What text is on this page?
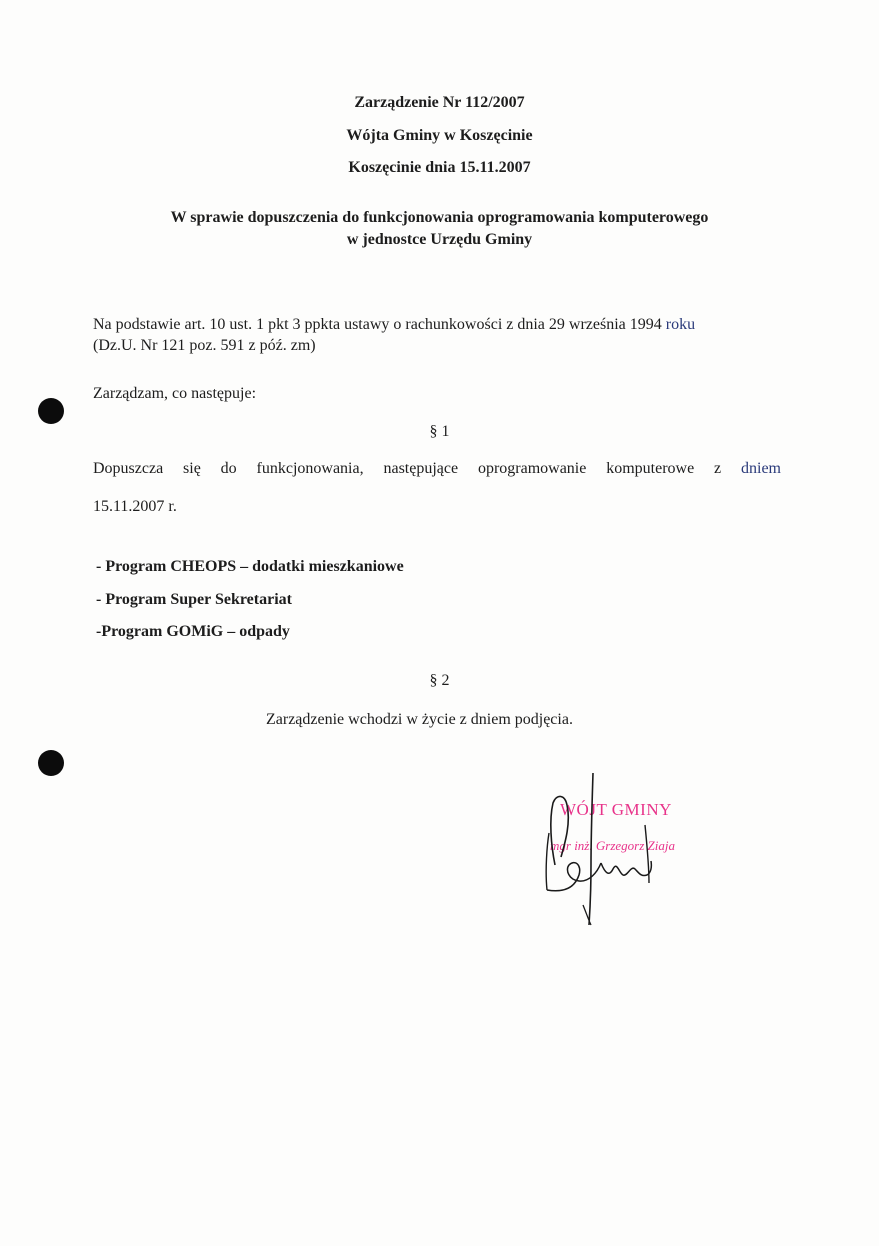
Zarządzenie Nr 112/2007
Wójta Gminy w Koszęcinie
Koszęcinie dnia 15.11.2007
W sprawie dopuszczenia do funkcjonowania oprogramowania komputerowego
w jednostce Urzędu Gminy
Na podstawie art. 10 ust. 1 pkt 3 ppkta ustawy o rachunkowości z dnia 29 września 1994 roku
(Dz.U. Nr 121 poz. 591 z póź. zm)
Zarządzam, co następuje:
§ 1
Dopuszcza się do funkcjonowania, następujące oprogramowanie komputerowe z dniem
15.11.2007 r.
- Program CHEOPS – dodatki mieszkaniowe
- Program Super Sekretariat
-Program GOMiG – odpady
§ 2
Zarządzenie wchodzi w życie z dniem podjęcia.
WÓJT GMINY
mgr inż. Grzegorz Ziaja
